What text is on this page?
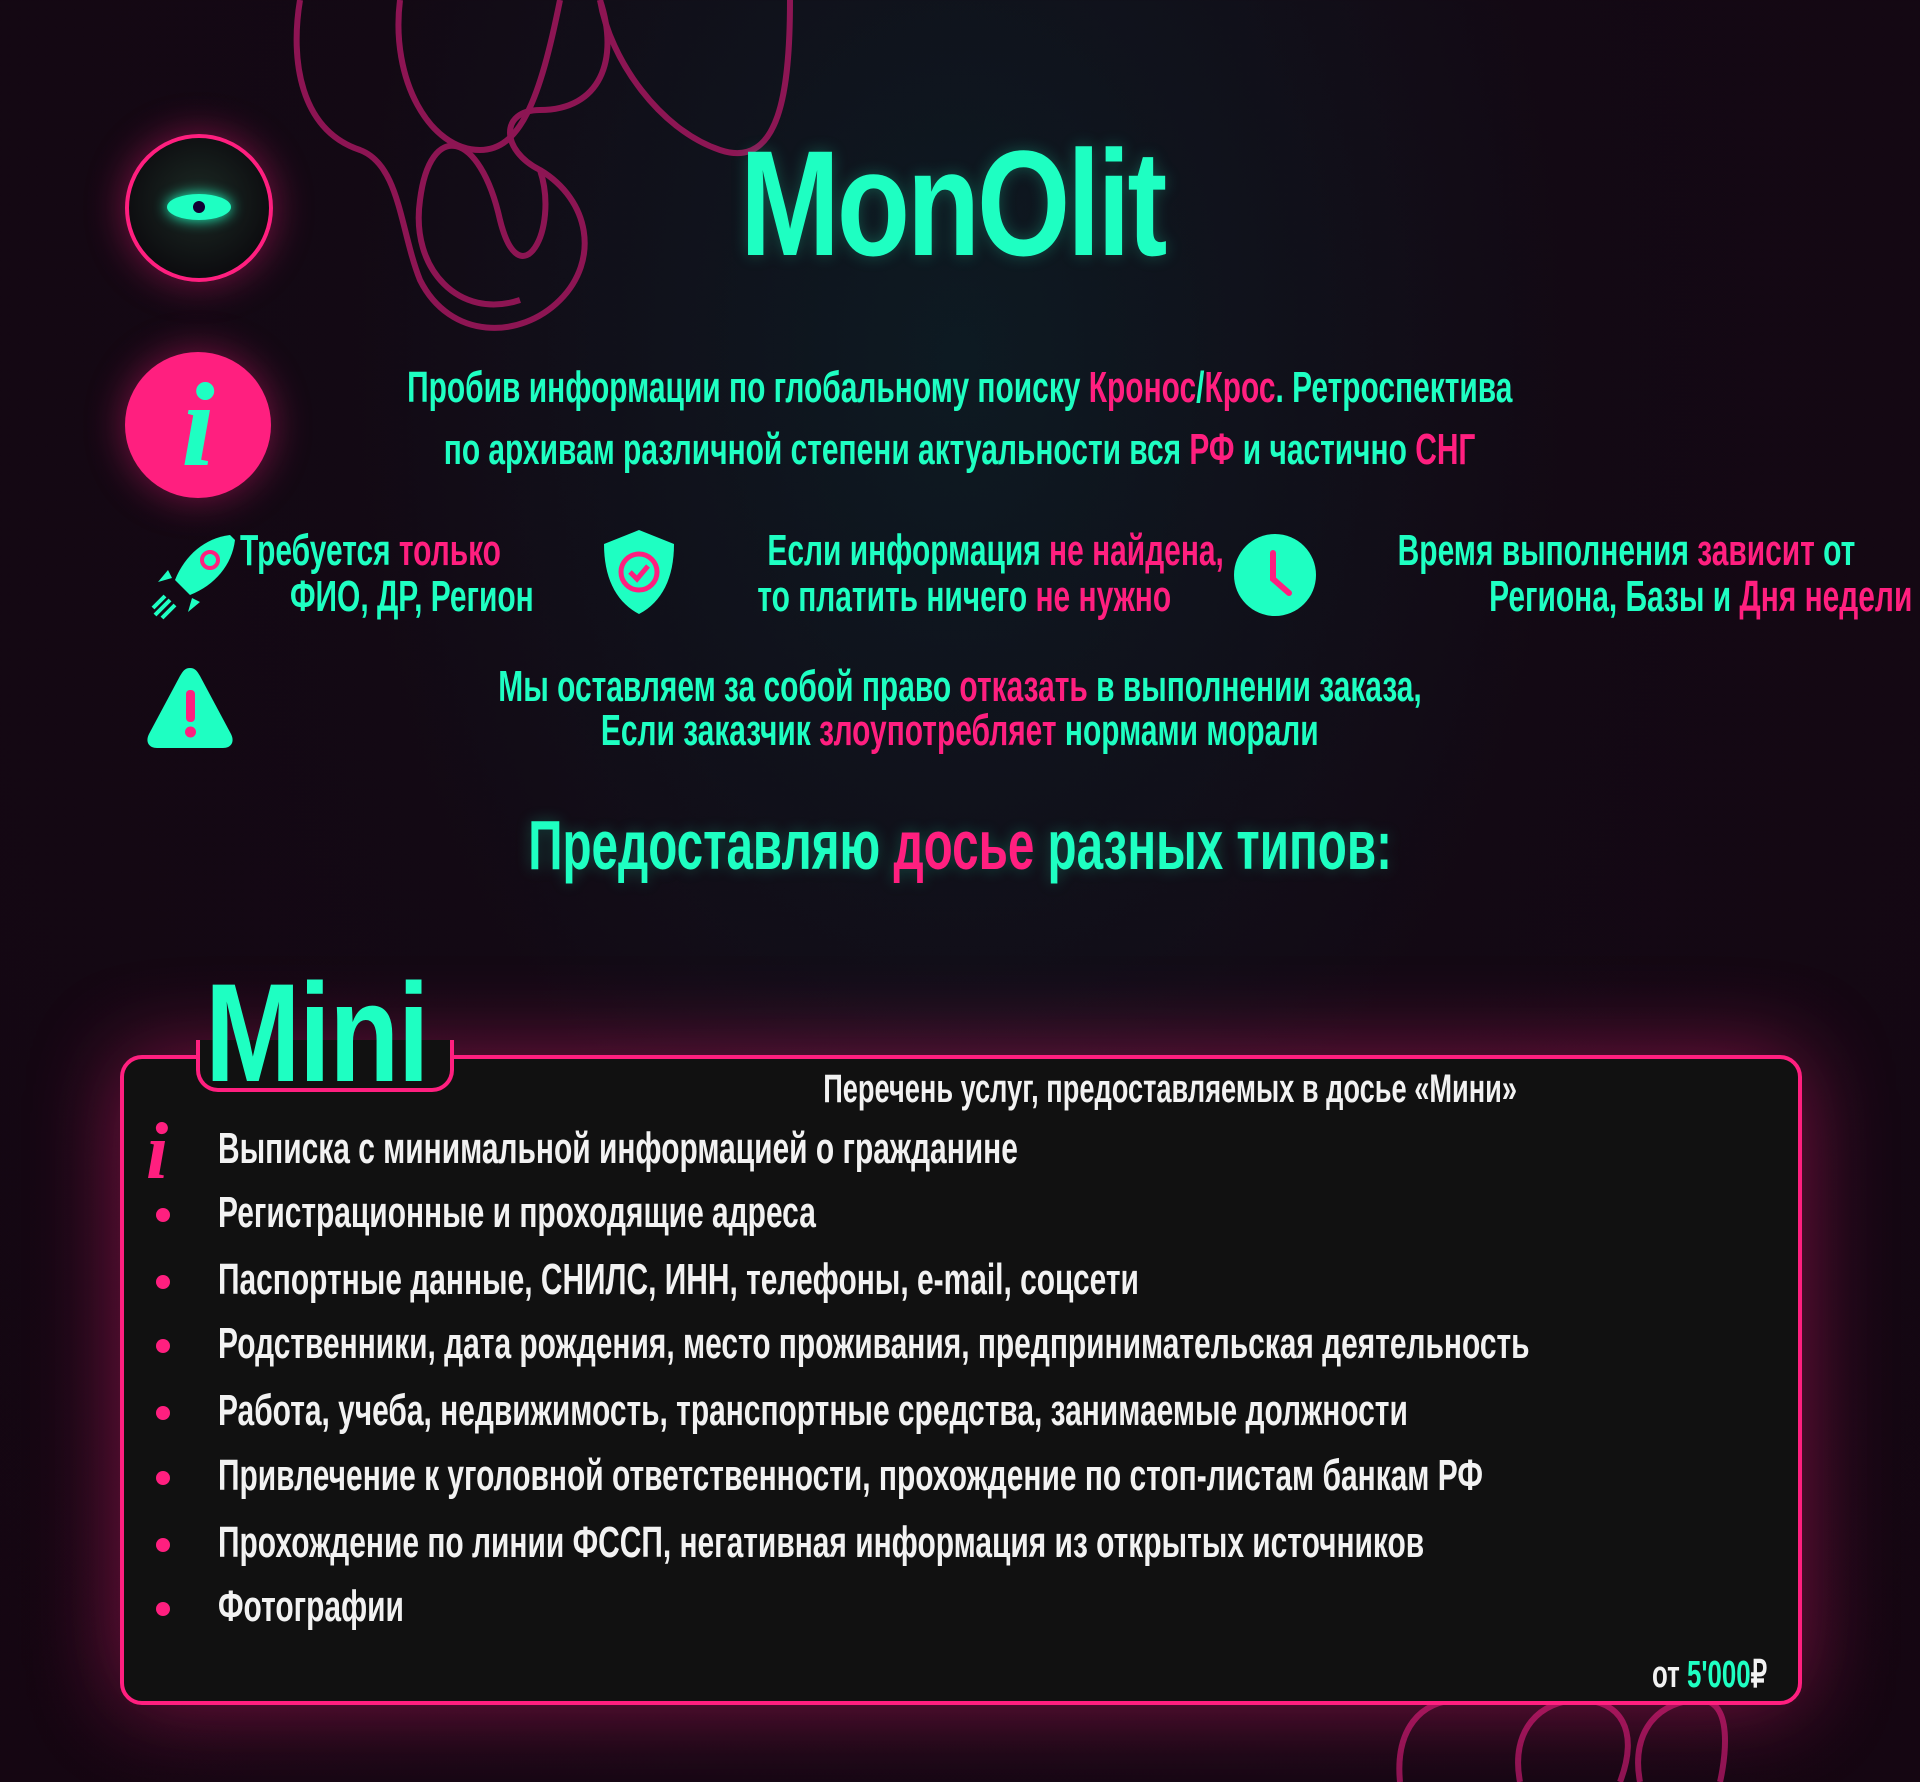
MonOlit
i	Пробив информации по глобальному поиску Кронос/Крос. Ретроспектива
по архивам различной степени актуальности вся РФ и частично СНГ
Требуется только
ФИО, ДР, Регион
Если информация не найдена,
то платить ничего не нужно
Время выполнения зависит от
Региона, Базы и Дня недели
Мы оставляем за собой право отказать в выполнении заказа,
Если заказчик злоупотребляет нормами морали
Предоставляю досье разных типов:
Mini	Перечень услуг, предоставляемых в досье «Мини»
i Выписка с минимальной информацией о гражданине
Регистрационные и проходящие адреса
Паспортные данные, СНИЛС, ИНН, телефоны, e-mail, соцсети
Родственники, дата рождения, место проживания, предпринимательская деятельность
Работа, учеба, недвижимость, транспортные средства, занимаемые должности
Привлечение к уголовной ответственности, прохождение по стоп-листам банкам РФ
Прохождение по линии ФССП, негативная информация из открытых источников
Фотографии
от 5'000₽
